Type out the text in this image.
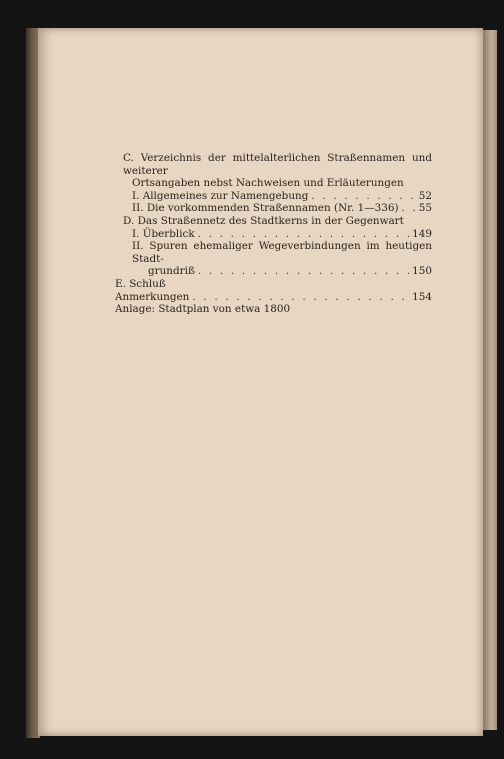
C. Verzeichnis der mittelalterlichen Straßennamen und weiterer
Ortsangaben nebst Nachweisen und Erläuterungen
I. Allgemeines zur Namengebung . . .	52
II. Die vorkommenden Straßennamen (Nr. 1—336) . . . 55
D. Das Straßennetz des Stadtkerns in der Gegenwart
I. Überblick . . .	149
II. Spuren ehemaliger Wegeverbindungen im heutigen Stadt-
grundriß . . .	150
E. Schluß
Anmerkungen . . .	154
Anlage: Stadtplan von etwa 1800
